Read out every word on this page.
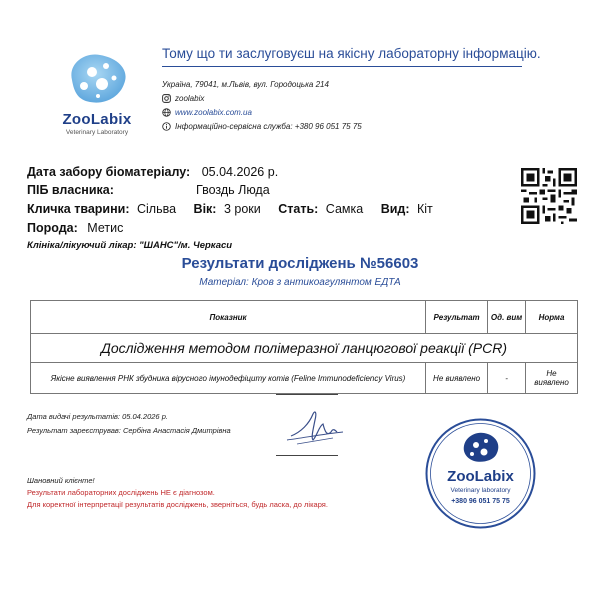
ZooLabix
Veterinary Laboratory
Тому що ти заслуговуєш на якісну лабораторну інформацію.
Україна, 79041, м.Львів, вул. Городоцька 214
zoolabix
www.zoolabix.com.ua
Інформаційно-сервісна служба: +380 96 051 75 75
Дата забору біоматеріалу: 05.04.2026 р.
ПІБ власника:	Гвоздь Люда
Кличка тварини: Сільва Вік: 3 роки Стать: Самка Вид: Кіт
Порода: Метис
Клініка/лікуючий лікар: "ШАНС"/м. Черкаси
Результати досліджень №56603
Матеріал: Кров з антикоагулянтом ЕДТА
Показник	Результат	Од. вим	Норма
Дослідження методом полімеразної ланцюгової реакції (PCR)			
Якісне виявлення РНК збудника вірусного імунодефіциту котів (Feline Immunodeficiency Virus)	Не виявлено	-	Не виявлено
Дата видачі результатів: 05.04.2026 р.
Результат зареєстрував: Сербіна Анастасія Дмитрівна
ZooLabix
Veterinary laboratory
+380 96 051 75 75
Шановний клієнте!
Результати лабораторних досліджень НЕ є діагнозом.
Для коректної інтерпретації результатів досліджень, зверніться, будь ласка, до лікаря.
